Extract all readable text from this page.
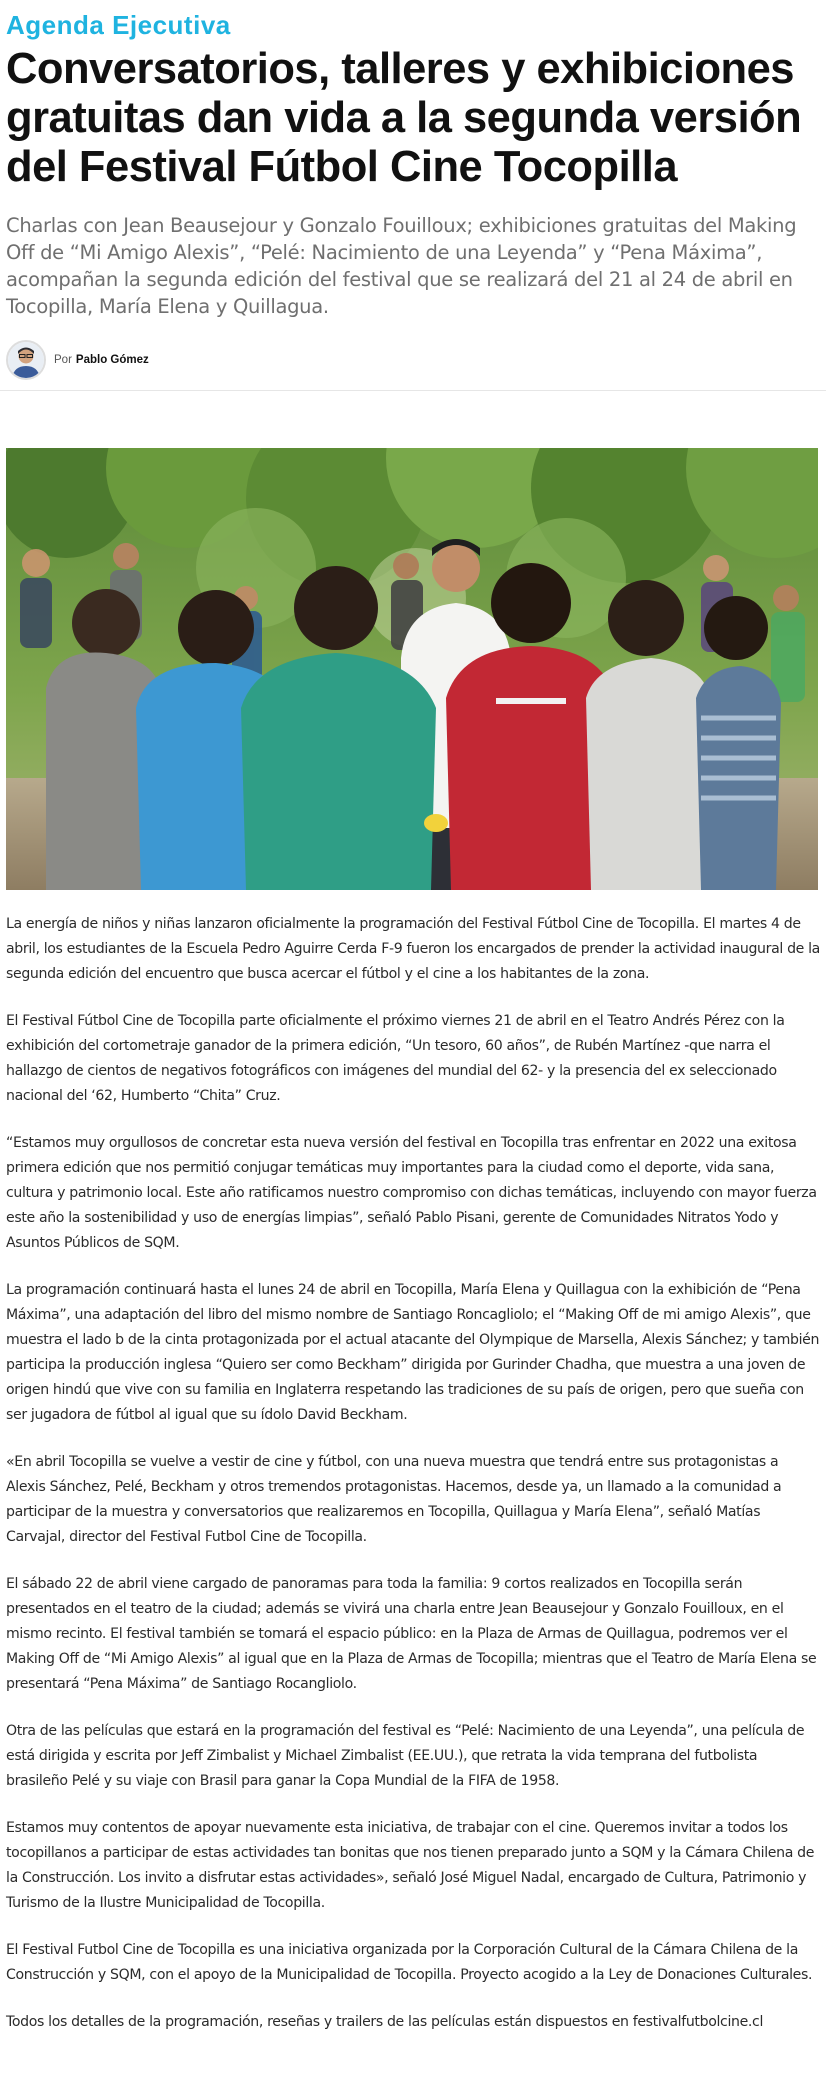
Agenda Ejecutiva
Conversatorios, talleres y exhibiciones gratuitas dan vida a la segunda versión del Festival Fútbol Cine Tocopilla

Charlas con Jean Beausejour y Gonzalo Fouilloux; exhibiciones gratuitas del Making Off de “Mi Amigo Alexis”, “Pelé: Nacimiento de una Leyenda” y “Pena Máxima”, acompañan la segunda edición del festival que se realizará del 21 al 24 de abril en Tocopilla, María Elena y Quillagua.

Por Pablo Gómez

La energía de niños y niñas lanzaron oficialmente la programación del Festival Fútbol Cine de Tocopilla. El martes 4 de abril, los estudiantes de la Escuela Pedro Aguirre Cerda F-9 fueron los encargados de prender la actividad inaugural de la segunda edición del encuentro que busca acercar el fútbol y el cine a los habitantes de la zona.

El Festival Fútbol Cine de Tocopilla parte oficialmente el próximo viernes 21 de abril en el Teatro Andrés Pérez con la exhibición del cortometraje ganador de la primera edición, “Un tesoro, 60 años”, de Rubén Martínez -que narra el hallazgo de cientos de negativos fotográficos con imágenes del mundial del 62- y la presencia del ex seleccionado nacional del ‘62, Humberto “Chita” Cruz.

“Estamos muy orgullosos de concretar esta nueva versión del festival en Tocopilla tras enfrentar en 2022 una exitosa primera edición que nos permitió conjugar temáticas muy importantes para la ciudad como el deporte, vida sana, cultura y patrimonio local. Este año ratificamos nuestro compromiso con dichas temáticas, incluyendo con mayor fuerza este año la sostenibilidad y uso de energías limpias”, señaló Pablo Pisani, gerente de Comunidades Nitratos Yodo y Asuntos Públicos de SQM.

La programación continuará hasta el lunes 24 de abril en Tocopilla, María Elena y Quillagua con la exhibición de “Pena Máxima”, una adaptación del libro del mismo nombre de Santiago Roncagliolo; el “Making Off de mi amigo Alexis”, que muestra el lado b de la cinta protagonizada por el actual atacante del Olympique de Marsella, Alexis Sánchez; y también participa la producción inglesa “Quiero ser como Beckham” dirigida por Gurinder Chadha, que muestra a una joven de origen hindú que vive con su familia en Inglaterra respetando las tradiciones de su país de origen, pero que sueña con ser jugadora de fútbol al igual que su ídolo David Beckham.

«En abril Tocopilla se vuelve a vestir de cine y fútbol, con una nueva muestra que tendrá entre sus protagonistas a Alexis Sánchez, Pelé, Beckham y otros tremendos protagonistas. Hacemos, desde ya, un llamado a la comunidad a participar de la muestra y conversatorios que realizaremos en Tocopilla, Quillagua y María Elena”, señaló Matías Carvajal, director del Festival Futbol Cine de Tocopilla.

El sábado 22 de abril viene cargado de panoramas para toda la familia: 9 cortos realizados en Tocopilla serán presentados en el teatro de la ciudad; además se vivirá una charla entre Jean Beausejour y Gonzalo Fouilloux, en el mismo recinto. El festival también se tomará el espacio público: en la Plaza de Armas de Quillagua, podremos ver el Making Off de “Mi Amigo Alexis” al igual que en la Plaza de Armas de Tocopilla; mientras que el Teatro de María Elena se presentará “Pena Máxima” de Santiago Rocangliolo.

Otra de las películas que estará en la programación del festival es “Pelé: Nacimiento de una Leyenda”, una película de está dirigida y escrita por Jeff Zimbalist y Michael Zimbalist (EE.UU.), que retrata la vida temprana del futbolista brasileño Pelé y su viaje con Brasil para ganar la Copa Mundial de la FIFA de 1958.

Estamos muy contentos de apoyar nuevamente esta iniciativa, de trabajar con el cine. Queremos invitar a todos los tocopillanos a participar de estas actividades tan bonitas que nos tienen preparado junto a SQM y la Cámara Chilena de la Construcción. Los invito a disfrutar estas actividades», señaló José Miguel Nadal, encargado de Cultura, Patrimonio y Turismo de la Ilustre Municipalidad de Tocopilla.

El Festival Futbol Cine de Tocopilla es una iniciativa organizada por la Corporación Cultural de la Cámara Chilena de la Construcción y SQM, con el apoyo de la Municipalidad de Tocopilla. Proyecto acogido a la Ley de Donaciones Culturales.

Todos los detalles de la programación, reseñas y trailers de las películas están dispuestos en festivalfutbolcine.cl
